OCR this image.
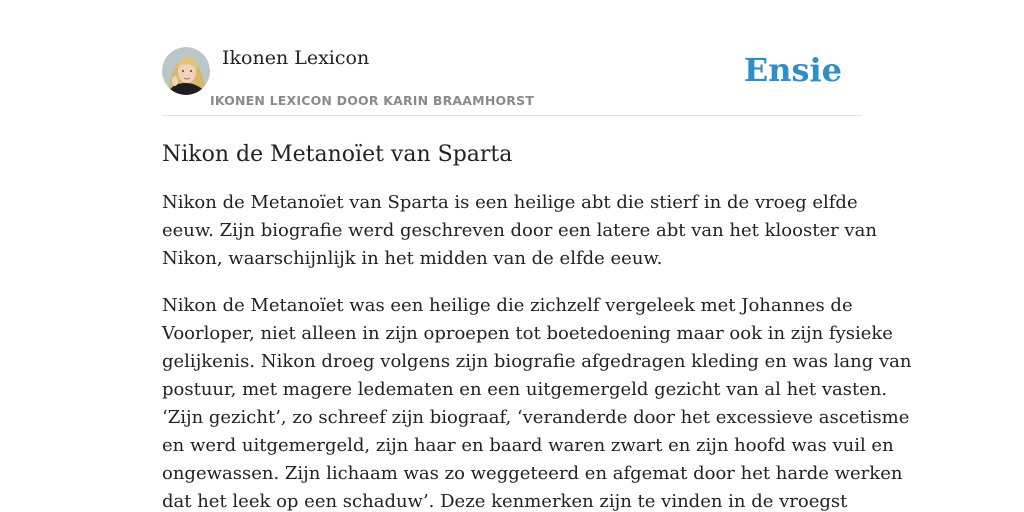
Ikonen Lexicon
IKONEN LEXICON DOOR KARIN BRAAMHORST
Ensie
Nikon de Metanoïet van Sparta

Nikon de Metanoïet van Sparta is een heilige abt die stierf in de vroeg elfde
eeuw. Zijn biografie werd geschreven door een latere abt van het klooster van
Nikon, waarschijnlijk in het midden van de elfde eeuw.

Nikon de Metanoïet was een heilige die zichzelf vergeleek met Johannes de
Voorloper, niet alleen in zijn oproepen tot boetedoening maar ook in zijn fysieke
gelijkenis. Nikon droeg volgens zijn biografie afgedragen kleding en was lang van
postuur, met magere ledematen en een uitgemergeld gezicht van al het vasten.
‘Zijn gezicht’, zo schreef zijn biograaf, ‘veranderde door het excessieve ascetisme
en werd uitgemergeld, zijn haar en baard waren zwart en zijn hoofd was vuil en
ongewassen. Zijn lichaam was zo weggeteerd en afgemat door het harde werken
dat het leek op een schaduw’. Deze kenmerken zijn te vinden in de vroegst
